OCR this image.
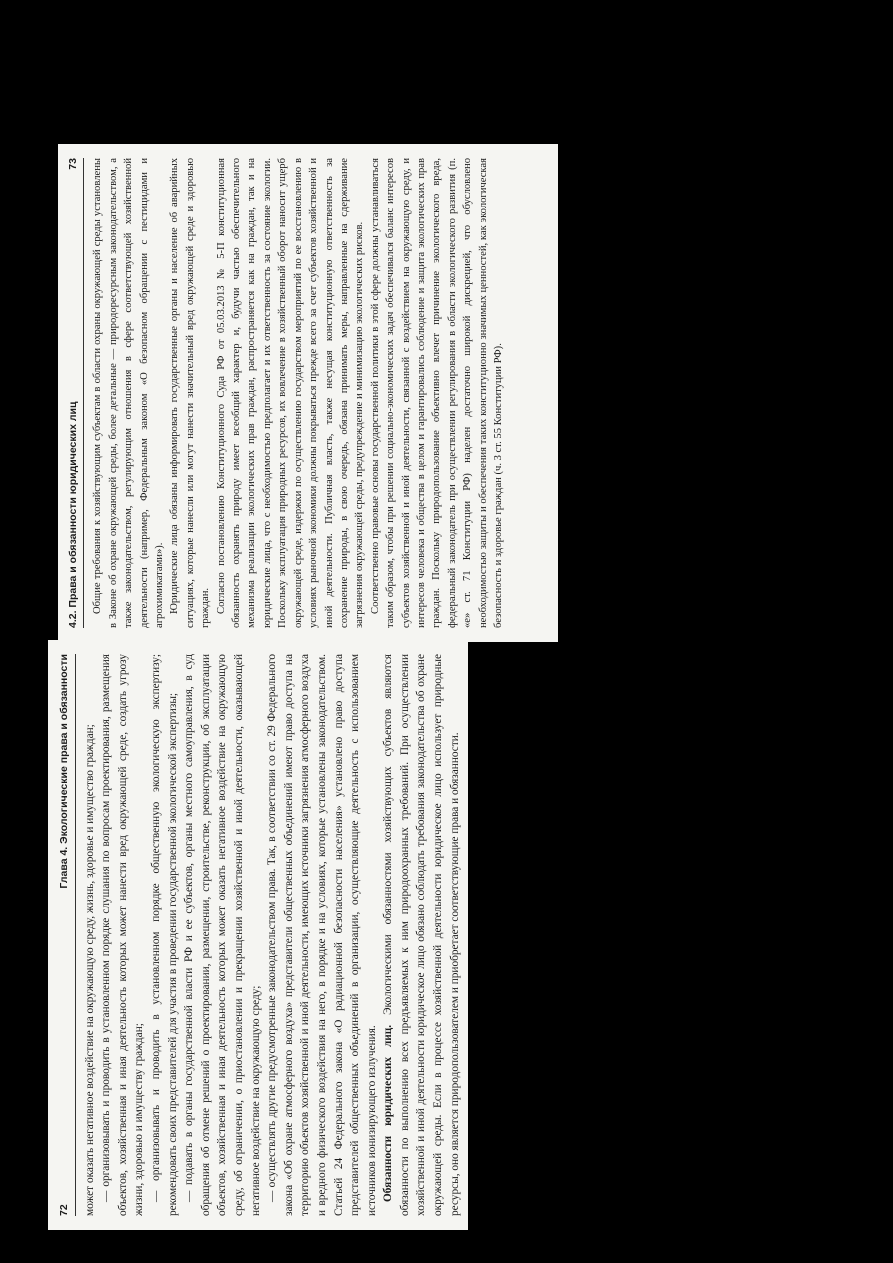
72
Глава 4. Экологические права и обязанности может оказать негативное воздействие на окружающую среду, жизнь, здоровье и имущество граждан; — организовывать и проводить в установленном порядке слушания по вопросам проектирования, размещения объектов, хозяйственная и иная деятельность которых может нанести вред окружающей среде, создать угрозу жизни, здоровью и имуществу граждан; — организовывать и проводить в установленном порядке общественную экологическую экспертизу; рекомендовать своих представителей для участия в проведении государственной экологической экспертизы; — подавать в органы государственной власти РФ и ее субъектов, органы местного самоуправления, в суд обращения об отмене решений о проектировании, размещении, строительстве, реконструкции, об эксплуатации объектов, хозяйственная и иная деятельность которых может оказать негативное воздействие на окружающую среду, об ограничении, о приостановлении и прекращении хозяйственной и иной деятельности, оказывающей негативное воздействие на окружающую среду; — осуществлять другие предусмотренные законодательством права. Так, в соответствии со ст. 29 Федерального закона «Об охране атмосферного воздуха» представители общественных объединений имеют право доступа на территорию объектов хозяйственной и иной деятельности, имеющих источники загрязнения атмосферного воздуха и вредного физического воздействия на него, в порядке и на условиях, которые установлены законодательством. Статьей 24 Федерального закона «О радиационной безопасности населения» установлено право доступа представителей общественных объединений в организации, осуществляющие деятельность с использованием источников ионизирующего излучения. Обязанности юридических лиц. Экологическими обязанностями хозяйствующих субъектов являются обязанности по выполнению всех предъявляемых к ним природоохранных требований. При осуществлении хозяйственной и иной деятельности юридическое лицо обязано соблюдать требования законодательства об охране окружающей среды. Если в процессе хозяйственной деятельности юридическое лицо использует природные ресурсы, оно является природопользователем и приобретает соответствующие права и обязанности.

4.2. Права и обязанности юридических лиц
73 Общие требования к хозяйствующим субъектам в области охраны окружающей среды установлены в Законе об охране окружающей среды, более детальные — природоресурсным законодательством, а также законодательством, регулирующим отношения в сфере соответствующей хозяйственной деятельности (например, Федеральным законом «О безопасном обращении с пестицидами и агрохимикатами»). Юридические лица обязаны информировать государственные органы и население об аварийных ситуациях, которые нанесли или могут нанести значительный вред окружающей среде и здоровью граждан. Согласно постановлению Конституционного Суда РФ от 05.03.2013 № 5-П конституционная обязанность охранять природу имеет всеобщий характер и, будучи частью обеспечительного механизма реализации экологических прав граждан, распространяется как на граждан, так и на юридические лица, что с необходимостью предполагает и их ответственность за состояние экологии. Поскольку эксплуатация природных ресурсов, их вовлечение в хозяйственный оборот наносит ущерб окружающей среде, издержки по осуществлению государством мероприятий по ее восстановлению в условиях рыночной экономики должны покрываться прежде всего за счет субъектов хозяйственной и иной деятельности. Публичная власть, также несущая конституционную ответственность за сохранение природы, в свою очередь, обязана принимать меры, направленные на сдерживание загрязнения окружающей среды, предупреждение и минимизацию экологических рисков. Соответственно правовые основы государственной политики в этой сфере должны устанавливаться таким образом, чтобы при решении социально-экономических задач обеспечивался баланс интересов субъектов хозяйственной и иной деятельности, связанной с воздействием на окружающую среду, и интересов человека и общества в целом и гарантировались соблюдение и защита экологических прав граждан. Поскольку природопользование объективно влечет причинение экологического вреда, федеральный законодатель при осуществлении регулирования в области экологического развития (п. «е» ст. 71 Конституции РФ) наделен достаточно широкой дискрецией, что обусловлено необходимостью защиты и обеспечения таких конституционно значимых ценностей, как экологическая безопасность и здоровье граждан (ч. 3 ст. 55 Конституции РФ).
